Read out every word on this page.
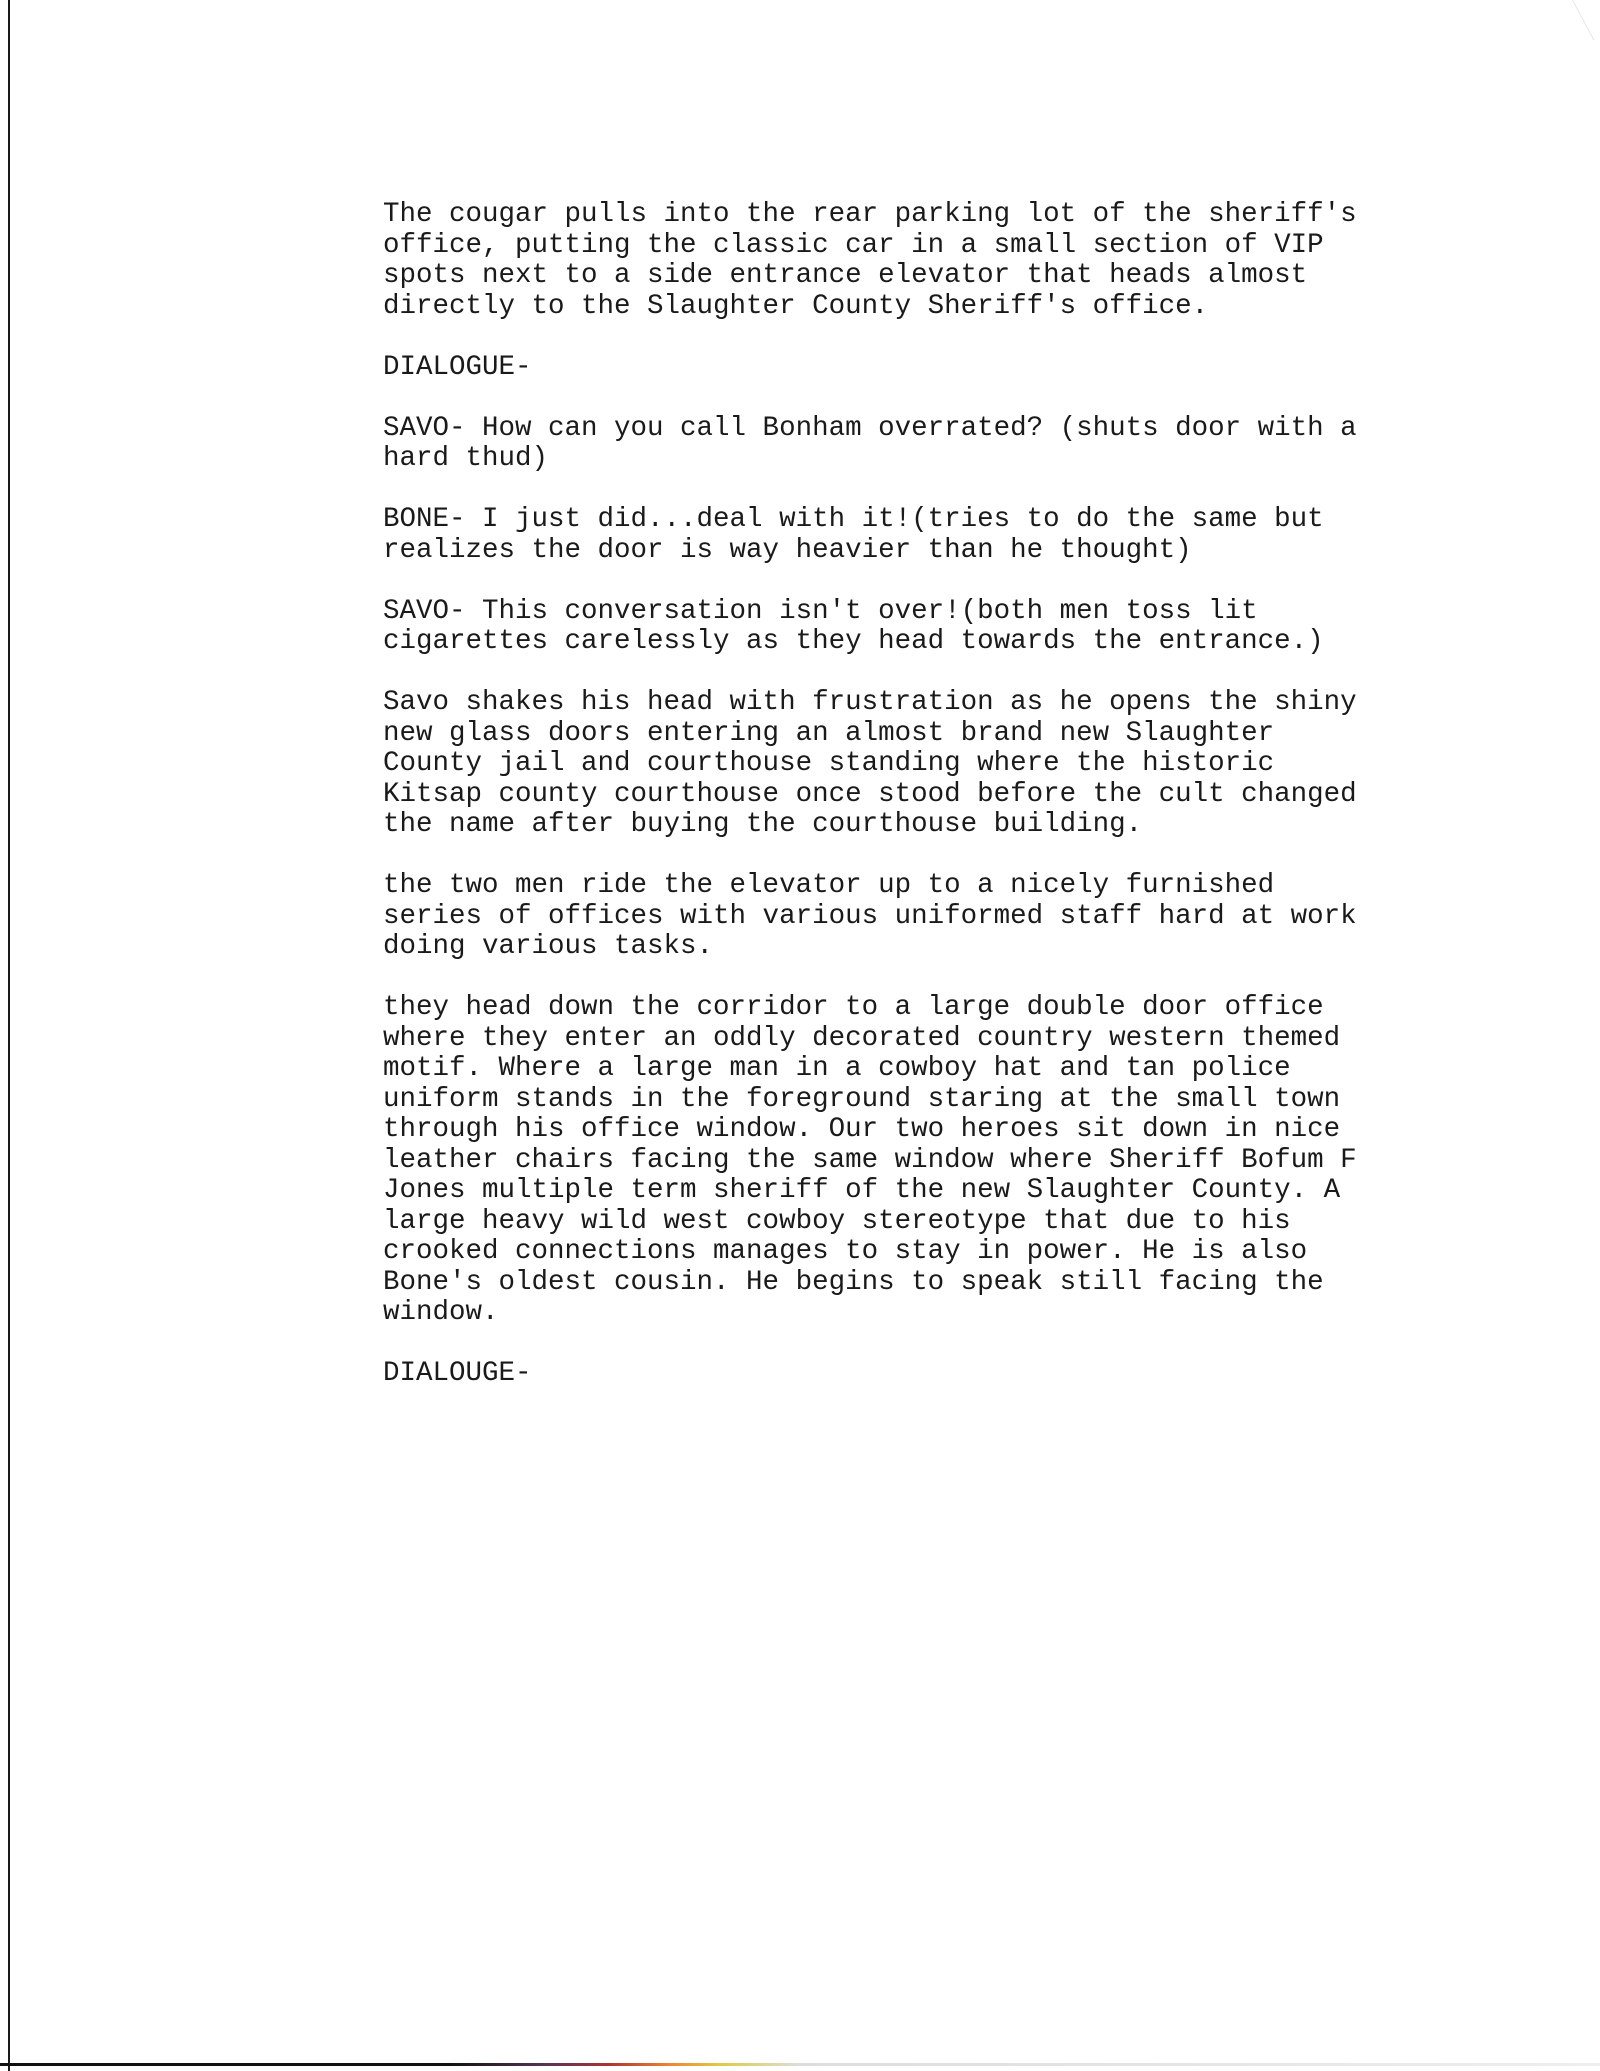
The cougar pulls into the rear parking lot of the sheriff's
office, putting the classic car in a small section of VIP
spots next to a side entrance elevator that heads almost
directly to the Slaughter County Sheriff's office.

DIALOGUE-

SAVO- How can you call Bonham overrated? (shuts door with a
hard thud)

BONE- I just did...deal with it!(tries to do the same but
realizes the door is way heavier than he thought)

SAVO- This conversation isn't over!(both men toss lit
cigarettes carelessly as they head towards the entrance.)

Savo shakes his head with frustration as he opens the shiny
new glass doors entering an almost brand new Slaughter
County jail and courthouse standing where the historic
Kitsap county courthouse once stood before the cult changed
the name after buying the courthouse building.

the two men ride the elevator up to a nicely furnished
series of offices with various uniformed staff hard at work
doing various tasks.

they head down the corridor to a large double door office
where they enter an oddly decorated country western themed
motif. Where a large man in a cowboy hat and tan police
uniform stands in the foreground staring at the small town
through his office window. Our two heroes sit down in nice
leather chairs facing the same window where Sheriff Bofum F
Jones multiple term sheriff of the new Slaughter County. A
large heavy wild west cowboy stereotype that due to his
crooked connections manages to stay in power. He is also
Bone's oldest cousin. He begins to speak still facing the
window.

DIALOUGE-
